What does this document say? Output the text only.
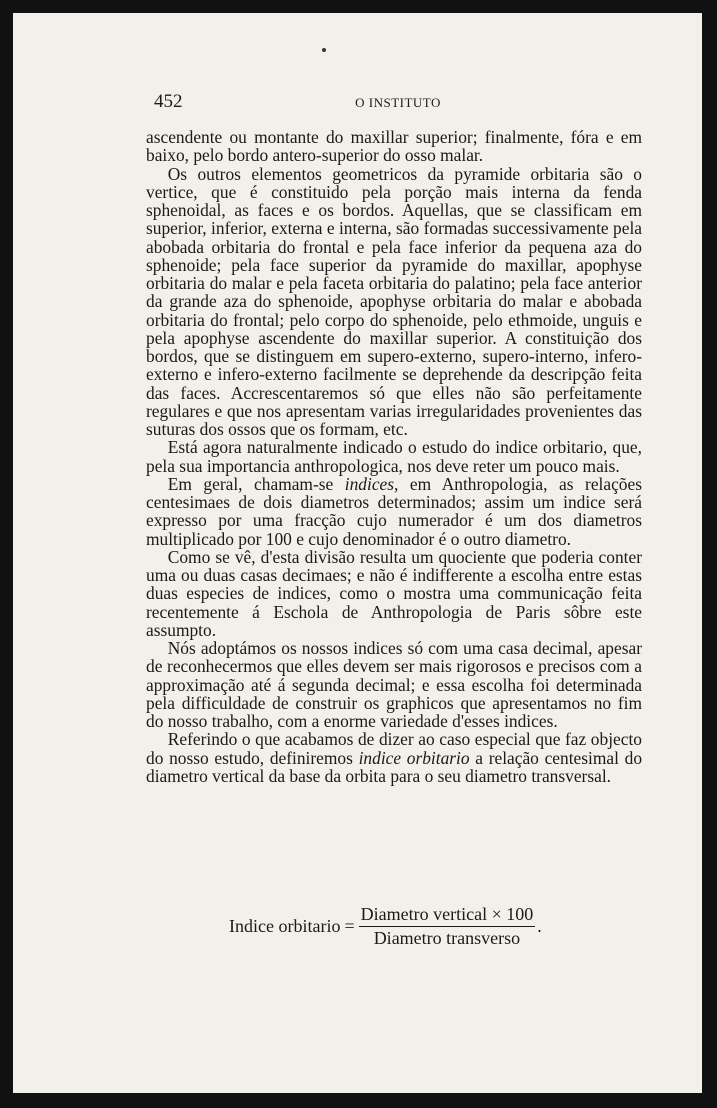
452	O INSTITUTO

ascendente ou montante do maxillar superior; finalmente, fóra e em baixo, pelo bordo antero-superior do osso malar.

Os outros elementos geometricos da pyramide orbitaria são o vertice, que é constituido pela porção mais interna da fenda sphenoidal, as faces e os bordos. Aquellas, que se classificam em superior, inferior, externa e interna, são formadas successivamente pela abobada orbitaria do frontal e pela face inferior da pequena aza do sphenoide; pela face superior da pyramide do maxillar, apophyse orbitaria do malar e pela faceta orbitaria do palatino; pela face anterior da grande aza do sphenoide, apophyse orbitaria do malar e abobada orbitaria do frontal; pelo corpo do sphenoide, pelo ethmoide, unguis e pela apophyse ascendente do maxillar superior. A constituição dos bordos, que se distinguem em supero-externo, supero-interno, infero-externo e infero-externo facilmente se deprehende da descripção feita das faces. Accrescentaremos só que elles não são perfeitamente regulares e que nos apresentam varias irregularidades provenientes das suturas dos ossos que os formam, etc.

Está agora naturalmente indicado o estudo do indice orbitario, que, pela sua importancia anthropologica, nos deve reter um pouco mais.

Em geral, chamam-se indices, em Anthropologia, as relações centesimaes de dois diametros determinados; assim um indice será expresso por uma fracção cujo numerador é um dos diametros multiplicado por 100 e cujo denominador é o outro diametro.

Como se vê, d'esta divisão resulta um quociente que poderia conter uma ou duas casas decimaes; e não é indifferente a escolha entre estas duas especies de indices, como o mostra uma communicação feita recentemente á Eschola de Anthropologia de Paris sôbre este assumpto.

Nós adoptámos os nossos indices só com uma casa decimal, apesar de reconhecermos que elles devem ser mais rigorosos e precisos com a approximação até á segunda decimal; e essa escolha foi determinada pela difficuldade de construir os graphicos que apresentamos no fim do nosso trabalho, com a enorme variedade d'esses indices.

Referindo o que acabamos de dizer ao caso especial que faz objecto do nosso estudo, definiremos indice orbitario a relação centesimal do diametro vertical da base da orbita para o seu diametro transversal.

Indice orbitario = $\frac{\text{Diametro vertical × 100}}{\text{Diametro transverso}}$ .
